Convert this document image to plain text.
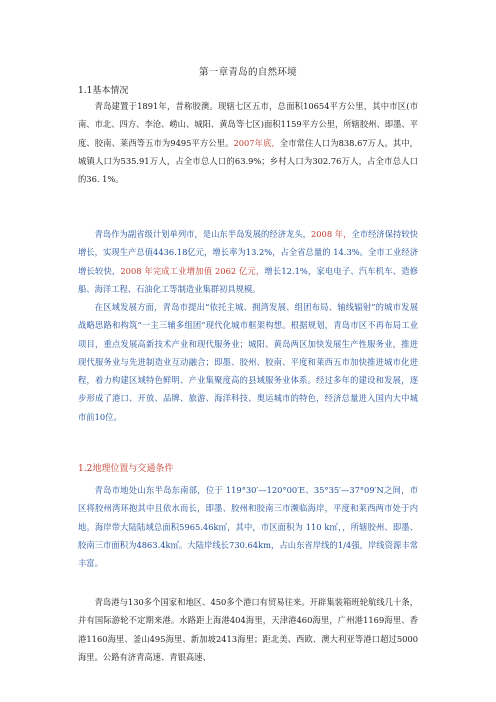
第一章青岛的自然环境
1.1基本情况

青岛建置于1891年，昔称胶澳。现辖七区五市，总面积10654平方公里，其中市区(市南、市北、四方、李沧、崂山、城阳、黄岛等七区)面积1159平方公里，所辖胶州、即墨、平度、胶南、莱西等五市为9495平方公里。2007年底，全市常住人口为838.67万人。其中，城镇人口为535.91万人，占全市总人口的63.9%；乡村人口为302.76万人，占全市总人口的36. 1%。

青岛作为副省级计划单列市，是山东半岛发展的经济龙头，2008 年，全市经济保持较快增长，实现生产总值4436.18亿元，增长率为13.2%，占全省总量的 14.3%。全市工业经济增长较快，2008 年完成工业增加值 2062 亿元，增长12.1%，家电电子、汽车机车、造修船、海洋工程、石油化工等制造业集群初具规模。

在区域发展方面，青岛市提出“依托主城、拥湾发展、组团布局、轴线辐射”的城市发展战略思路和构筑“一主三辅多组团”现代化城市框架构想。根据规划，青岛市区不再布局工业项目，重点发展高新技术产业和现代服务业；城阳、黄岛两区加快发展生产性服务业，推进现代服务业与先进制造业互动融合；即墨、胶州、胶南、平度和莱西五市加快推进城市化进程，着力构建区域特色鲜明、产业集聚度高的县域服务业体系。经过多年的建设和发展，逐步形成了港口、开放、品牌、旅游、海洋科技、奥运城市的特色，经济总量进入国内大中城市前10位。

1.2地理位置与交通条件

青岛市地处山东半岛东南部，位于 119°30′—120°00′E、35°35′—37°09′N之间，市区将胶州湾环抱其中且依水而长，即墨、胶州和胶南三市濒临海岸，平度和莱西两市处于内地。海岸带大陆陆域总面积5965.46k㎡，其中，市区面积为 110 k㎡，，所辖胶州、即墨、胶南三市面积为4863.4k㎡。大陆岸线长730.64km，占山东省岸线的1/4强，岸线资源丰常丰富。

青岛港与130多个国家和地区、450多个港口有贸易往来。开辟集装箱班轮航线几十条，并有国际游轮不定期来港。水路距上海港404海里，天津港460海里，广州港1169海里、香港1160海里、釜山495海里、新加坡2413海里；距北美、西欧、澳大利亚等港口超过5000海里。公路有济青高速、青银高速、
